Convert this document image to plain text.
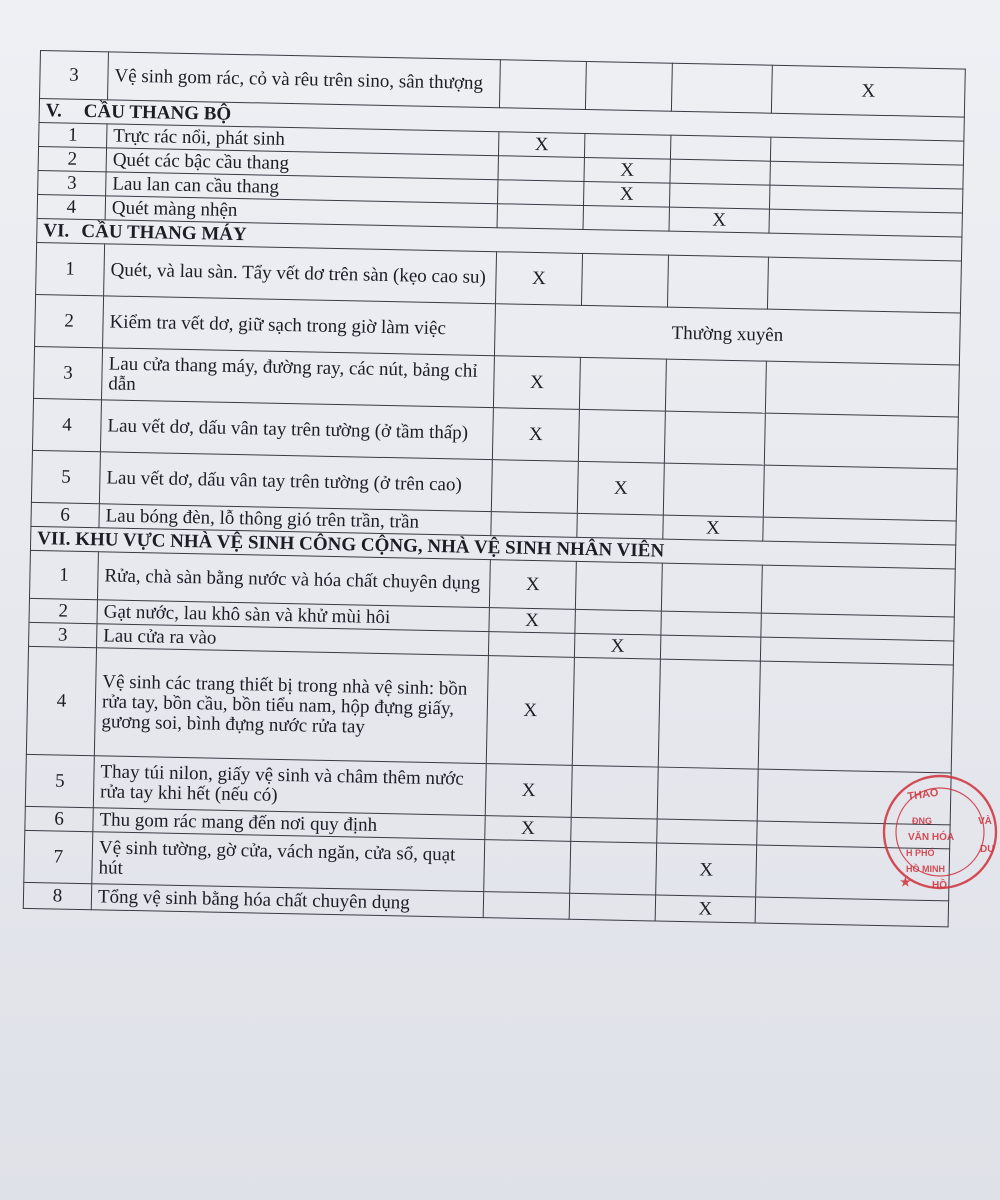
3	Vệ sinh gom rác, cỏ và rêu trên sino, sân thượng				X
V. CẦU THANG BỘ					
1	Trực rác nổi, phát sinh	X			
2	Quét các bậc cầu thang		X		
3	Lau lan can cầu thang		X		
4	Quét màng nhện			X	
VI. CẦU THANG MÁY					
1	Quét, và lau sàn. Tẩy vết dơ trên sàn (kẹo cao su)	X			
2	Kiểm tra vết dơ, giữ sạch trong giờ làm việc	Thường xuyên			
3	Lau cửa thang máy, đường ray, các nút, bảng chỉ dẫn	X			
4	Lau vết dơ, dấu vân tay trên tường (ở tầm thấp)	X			
5	Lau vết dơ, dấu vân tay trên tường (ở trên cao)		X		
6	Lau bóng đèn, lỗ thông gió trên trần, trần			X	
VII. KHU VỰC NHÀ VỆ SINH CÔNG CỘNG, NHÀ VỆ SINH NHÂN VIÊN					
1	Rửa, chà sàn bằng nước và hóa chất chuyên dụng	X			
2	Gạt nước, lau khô sàn và khử mùi hôi	X			
3	Lau cửa ra vào		X		
4	Vệ sinh các trang thiết bị trong nhà vệ sinh: bồn rửa tay, bồn cầu, bồn tiểu nam, hộp đựng giấy, gương soi, bình đựng nước rửa tay	X			
5	Thay túi nilon, giấy vệ sinh và châm thêm nước rửa tay khi hết (nếu có)	X			
6	Thu gom rác mang đến nơi quy định	X			
7	Vệ sinh tường, gờ cửa, vách ngăn, cửa sổ, quạt hút			X	
8	Tổng vệ sinh bằng hóa chất chuyên dụng			X	
THAO
VÀ
DU
ĐNG
VĂN HÓA
H PHỐ
HỒ MINH
★ HỒ
